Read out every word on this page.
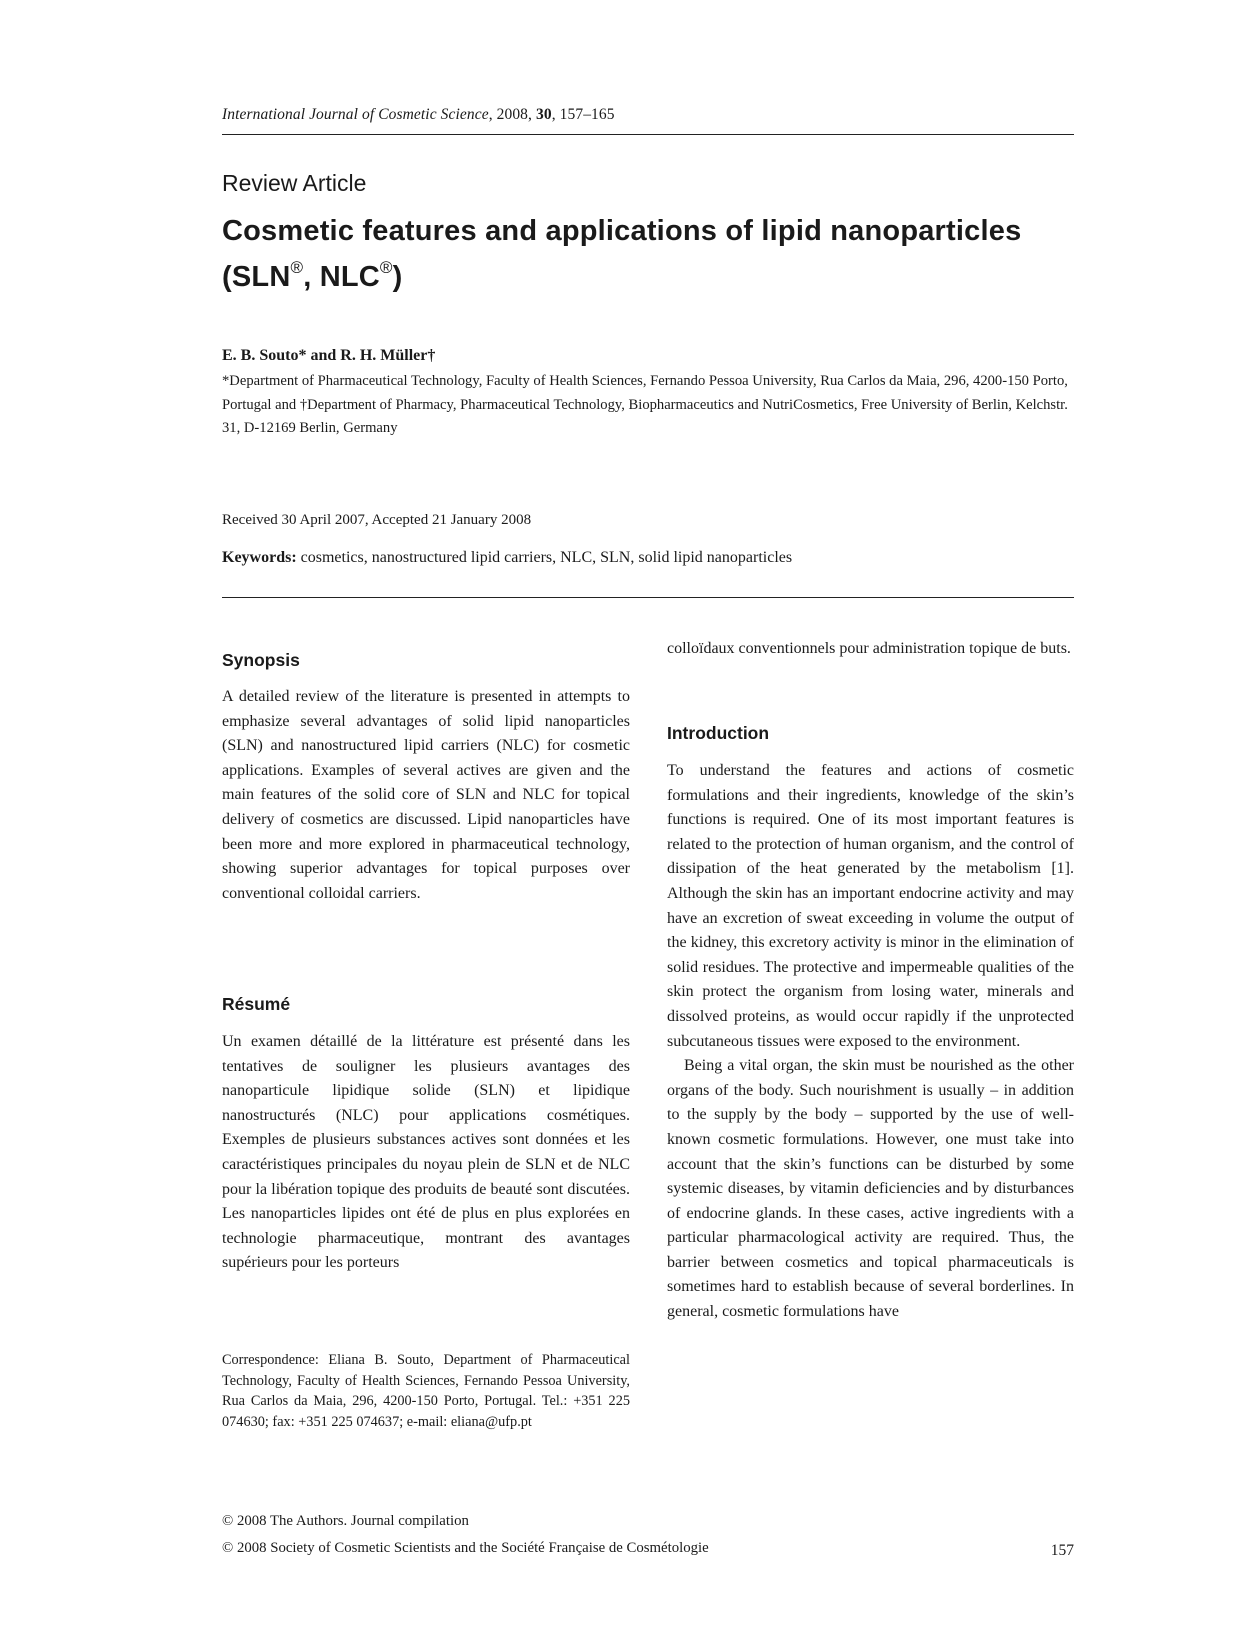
International Journal of Cosmetic Science, 2008, 30, 157–165
Review Article
Cosmetic features and applications of lipid nanoparticles (SLN®, NLC®)
E. B. Souto* and R. H. Müller†
*Department of Pharmaceutical Technology, Faculty of Health Sciences, Fernando Pessoa University, Rua Carlos da Maia, 296, 4200-150 Porto, Portugal and †Department of Pharmacy, Pharmaceutical Technology, Biopharmaceutics and NutriCosmetics, Free University of Berlin, Kelchstr. 31, D-12169 Berlin, Germany
Received 30 April 2007, Accepted 21 January 2008
Keywords: cosmetics, nanostructured lipid carriers, NLC, SLN, solid lipid nanoparticles
Synopsis

A detailed review of the literature is presented in attempts to emphasize several advantages of solid lipid nanoparticles (SLN) and nanostructured lipid carriers (NLC) for cosmetic applications. Examples of several actives are given and the main features of the solid core of SLN and NLC for topical delivery of cosmetics are discussed. Lipid nanoparticles have been more and more explored in pharmaceutical technology, showing superior advantages for topical purposes over conventional colloidal carriers.

Résumé

Un examen détaillé de la littérature est présenté dans les tentatives de souligner les plusieurs avantages des nanoparticule lipidique solide (SLN) et lipidique nanostructurés (NLC) pour applications cosmétiques. Exemples de plusieurs substances actives sont données et les caractéristiques principales du noyau plein de SLN et de NLC pour la libération topique des produits de beauté sont discutées. Les nanoparticles lipides ont été de plus en plus explorées en technologie pharmaceutique, montrant des avantages supérieurs pour les porteurs

Correspondence: Eliana B. Souto, Department of Pharmaceutical Technology, Faculty of Health Sciences, Fernando Pessoa University, Rua Carlos da Maia, 296, 4200-150 Porto, Portugal. Tel.: +351 225 074630; fax: +351 225 074637; e-mail: eliana@ufp.pt

colloïdaux conventionnels pour administration topique de buts.

Introduction

To understand the features and actions of cosmetic formulations and their ingredients, knowledge of the skin’s functions is required. One of its most important features is related to the protection of human organism, and the control of dissipation of the heat generated by the metabolism [1]. Although the skin has an important endocrine activity and may have an excretion of sweat exceeding in volume the output of the kidney, this excretory activity is minor in the elimination of solid residues. The protective and impermeable qualities of the skin protect the organism from losing water, minerals and dissolved proteins, as would occur rapidly if the unprotected subcutaneous tissues were exposed to the environment.

Being a vital organ, the skin must be nourished as the other organs of the body. Such nourishment is usually – in addition to the supply by the body – supported by the use of well-known cosmetic formulations. However, one must take into account that the skin’s functions can be disturbed by some systemic diseases, by vitamin deficiencies and by disturbances of endocrine glands. In these cases, active ingredients with a particular pharmacological activity are required. Thus, the barrier between cosmetics and topical pharmaceuticals is sometimes hard to establish because of several borderlines. In general, cosmetic formulations have

© 2008 The Authors. Journal compilation
© 2008 Society of Cosmetic Scientists and the Société Française de Cosmétologie	157
